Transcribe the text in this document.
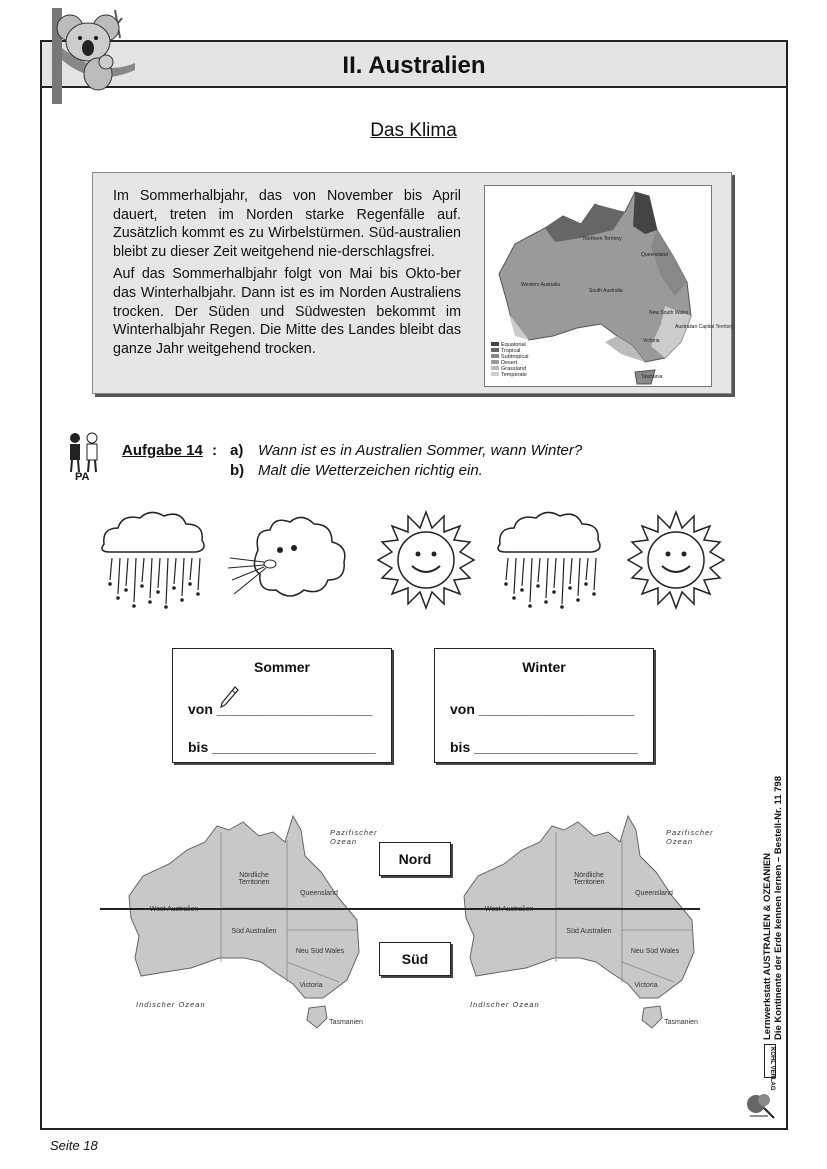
II. Australien
Das Klima

Im Sommerhalbjahr, das von November bis April dauert, treten im Norden starke Regenfälle auf. Zusätzlich kommt es zu Wirbelstürmen. Süd-australien bleibt zu dieser Zeit weitgehend nie-derschlagsfrei.

Auf das Sommerhalbjahr folgt von Mai bis Okto-ber das Winterhalbjahr. Dann ist es im Norden Australiens trocken. Der Süden und Südwesten bekommt im Winterhalbjahr Regen. Die Mitte des Landes bleibt das ganze Jahr weitgehend trocken.

Northern Territory
Queensland
Western Australia
South Australia
New South Wales
Australian Capital Territory
Victoria
Tasmania
Equatorial
Tropical
Subtropical
Desert
Grassland
Temperate
PA
Aufgabe 14 : a) Wann ist es in Australien Sommer, wann Winter?
b) Malt die Wetterzeichen richtig ein.
Sommer
von ____________________
bis _____________________
Winter
von ____________________
bis _____________________
Nördliche
Territorien
Queensland
Süd Australien
Neu Süd Wales
Victoria
Tasmanien
Pazifischer
Ozean
Indischer Ozean
Nördliche
Territorien
Queensland
Süd Australien
Neu Süd Wales
Victoria
Tasmanien
Pazifischer
Ozean
Indischer Ozean
Nord
Süd	Lernwerkstatt AUSTRALIEN & OZEANIEN Die Kontinente der Erde kennen lernen – Bestell-Nr. 11 798
KOHL VERLAG
Seite 18
